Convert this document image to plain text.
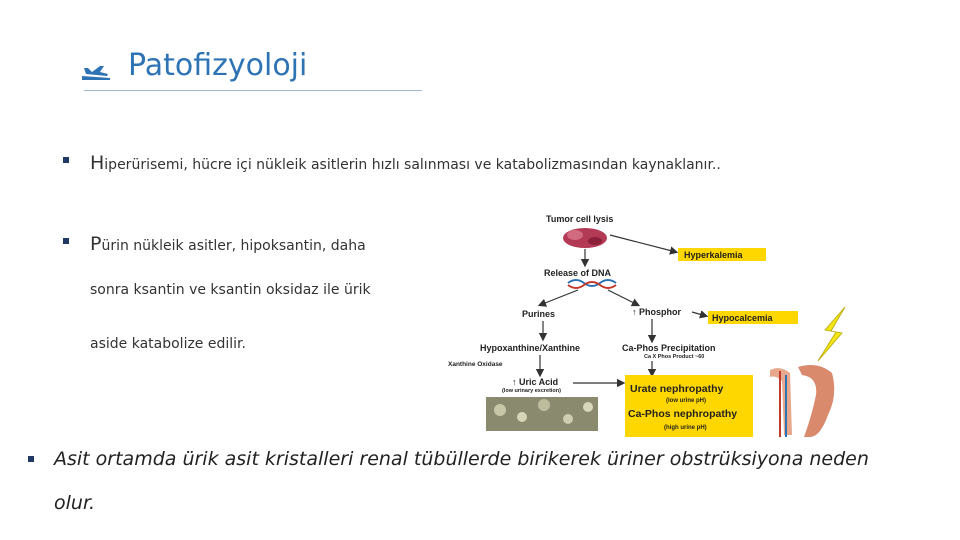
Patofizyoloji
Hiperürisemi, hücre içi nükleik asitlerin hızlı salınması ve katabolizmasından kaynaklanır..
Pürin nükleik asitler, hipoksantin, daha
sonra ksantin ve ksantin oksidaz ile ürik
aside katabolize edilir.
Asit ortamda ürik asit kristalleri renal tübüllerde birikerek üriner obstrüksiyona neden
olur.
Tumor cell lysis
Hyperkalemia
Release of DNA
Purines	↑ Phosphor
Hypocalcemia
Hypoxanthine/Xanthine	Ca-Phos Precipitation
Ca X Phos Product ~60
Xanthine Oxidase
↑ Uric Acid
(low urinary excretion)	Urate nephropathy
(low urine pH)
Ca-Phos nephropathy
(high urine pH)
